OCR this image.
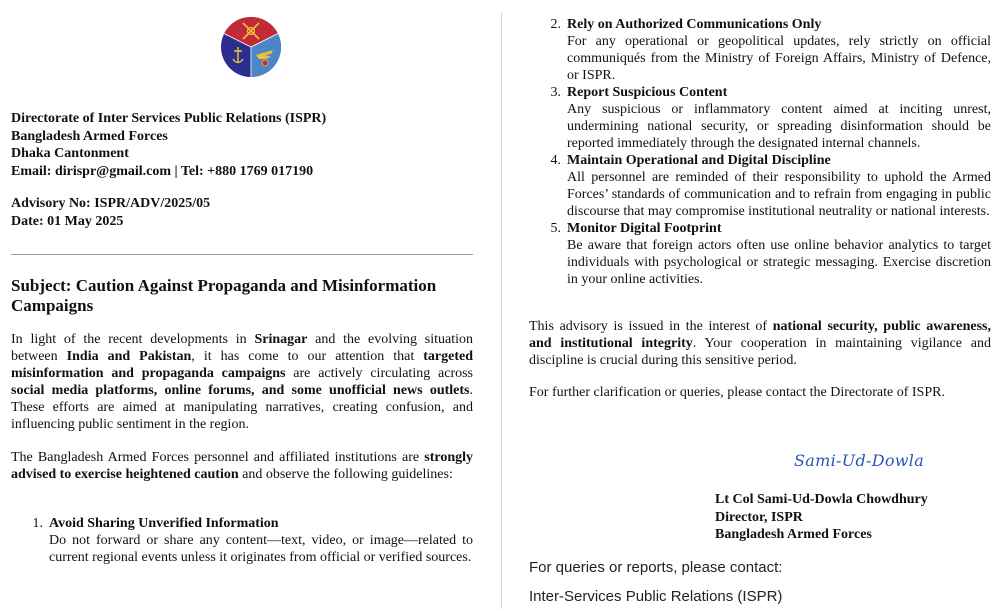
Directorate of Inter Services Public Relations (ISPR)
Bangladesh Armed Forces
Dhaka Cantonment
Email: dirispr@gmail.com | Tel: +880 1769 017190
Advisory No: ISPR/ADV/2025/05
Date: 01 May 2025
Subject: Caution Against Propaganda and Misinformation Campaigns
In light of the recent developments in Srinagar and the evolving situation between India and Pakistan, it has come to our attention that targeted misinformation and propaganda campaigns are actively circulating across social media platforms, online forums, and some unofficial news outlets. These efforts are aimed at manipulating narratives, creating confusion, and influencing public sentiment in the region.
The Bangladesh Armed Forces personnel and affiliated institutions are strongly advised to exercise heightened caution and observe the following guidelines:
1. Avoid Sharing Unverified Information
Do not forward or share any content—text, video, or image—related to current regional events unless it originates from official or verified sources.
2. Rely on Authorized Communications Only
For any operational or geopolitical updates, rely strictly on official communiqués from the Ministry of Foreign Affairs, Ministry of Defence, or ISPR.
3. Report Suspicious Content
Any suspicious or inflammatory content aimed at inciting unrest, undermining national security, or spreading disinformation should be reported immediately through the designated internal channels.
4. Maintain Operational and Digital Discipline
All personnel are reminded of their responsibility to uphold the Armed Forces’ standards of communication and to refrain from engaging in public discourse that may compromise institutional neutrality or national interests.
5. Monitor Digital Footprint
Be aware that foreign actors often use online behavior analytics to target individuals with psychological or strategic messaging. Exercise discretion in your online activities.
This advisory is issued in the interest of national security, public awareness, and institutional integrity. Your cooperation in maintaining vigilance and discipline is crucial during this sensitive period.
For further clarification or queries, please contact the Directorate of ISPR.
Sami-Ud-Dowla
Lt Col Sami-Ud-Dowla Chowdhury
Director, ISPR
Bangladesh Armed Forces
For queries or reports, please contact:
Inter-Services Public Relations (ISPR)
